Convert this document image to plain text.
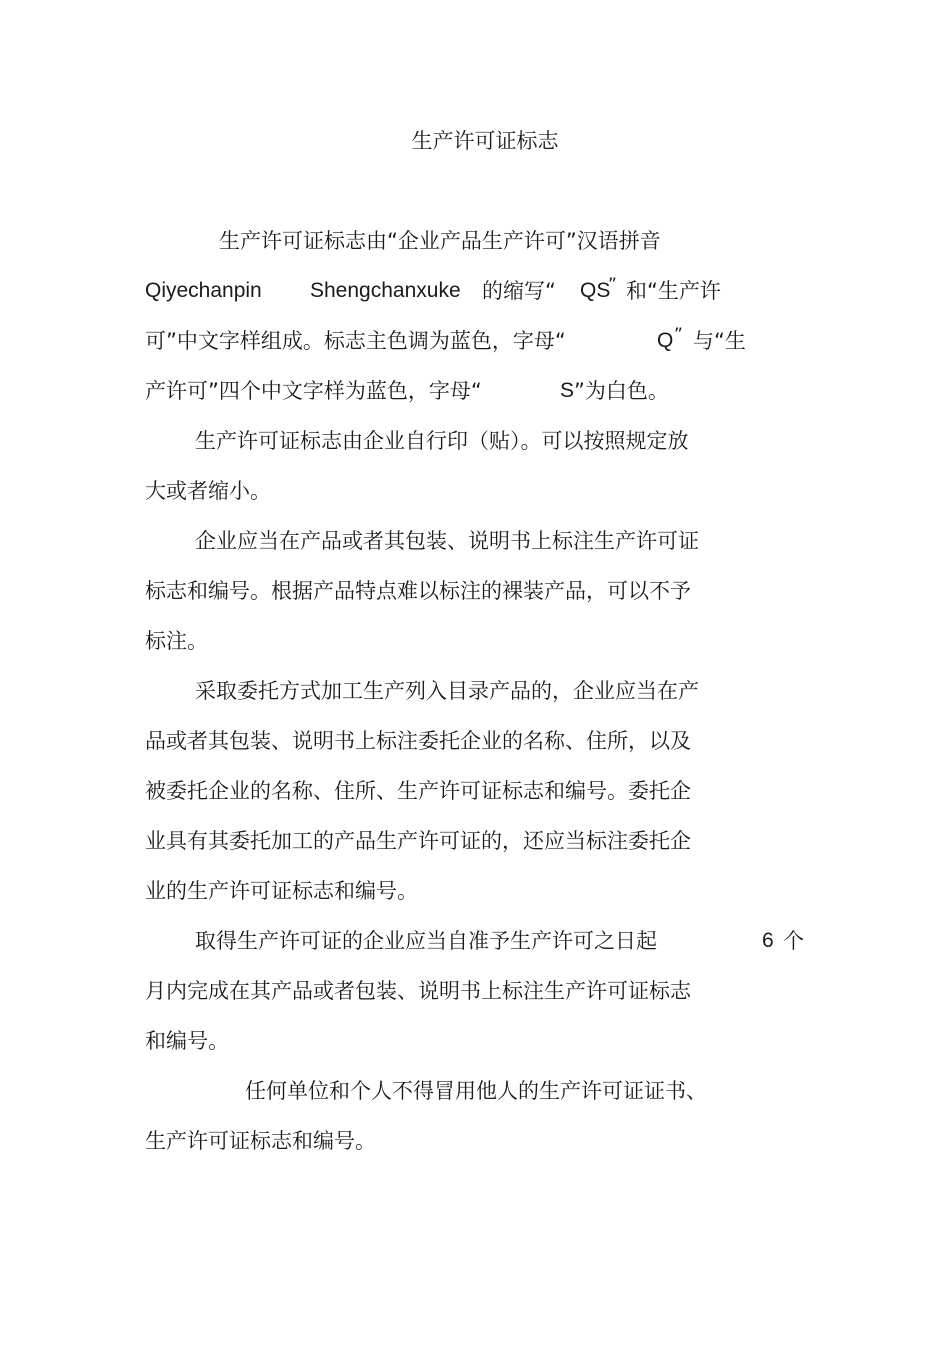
生产许可证标志
生产许可证标志由“企业产品生产许可”汉语拼音
Qiyechanpin Shengchanxuke 的缩写“ QS
” 和“生产许
可”中文字样组成。标志主色调为蓝色，字母“	Q ” 与“生
产许可”四个中文字样为蓝色，字母“	S ”为白色。
生产许可证标志由企业自行印（贴）。可以按照规定放
大或者缩小。
企业应当在产品或者其包装、说明书上标注生产许可证
标志和编号。根据产品特点难以标注的裸装产品，可以不予
标注。
采取委托方式加工生产列入目录产品的，企业应当在产
品或者其包装、说明书上标注委托企业的名称、住所，以及
被委托企业的名称、住所、生产许可证标志和编号。委托企
业具有其委托加工的产品生产许可证的，还应当标注委托企
业的生产许可证标志和编号。
取得生产许可证的企业应当自准予生产许可之日起	6 个
月内完成在其产品或者包装、说明书上标注生产许可证标志
和编号。
任何单位和个人不得冒用他人的生产许可证证书、
生产许可证标志和编号。
